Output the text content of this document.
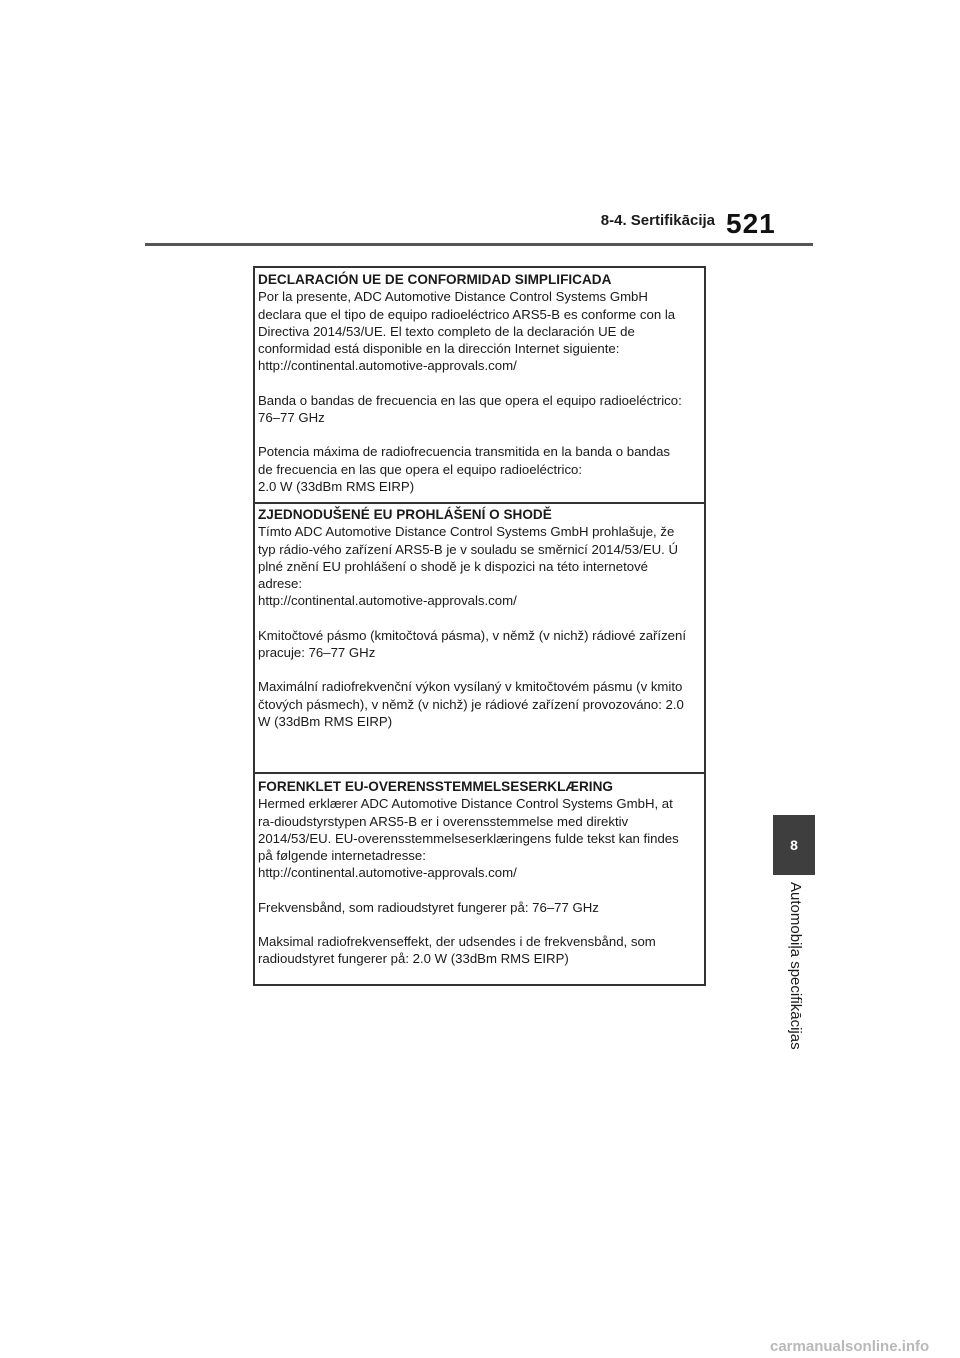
8-4. Sertifikācija 521

DECLARACIÓN UE DE CONFORMIDAD SIMPLIFICADA

Por la presente, ADC Automotive Distance Control Systems GmbH
declara que el tipo de equipo radioeléctrico ARS5-B es conforme con la
Directiva 2014/53/UE. El texto completo de la declaración UE de
conformidad está disponible en la dirección Internet siguiente:
http://continental.automotive-approvals.com/

Banda o bandas de frecuencia en las que opera el equipo radioeléctrico:
76–77 GHz

Potencia máxima de radiofrecuencia transmitida en la banda o bandas
de frecuencia en las que opera el equipo radioeléctrico:
2.0 W (33dBm RMS EIRP)

ZJEDNODUŠENÉ EU PROHLÁŠENÍ O SHODĚ

Tímto ADC Automotive Distance Control Systems GmbH prohlašuje, že
typ rádio-vého zařízení ARS5-B je v souladu se směrnicí 2014/53/EU. Ú
plné znění EU prohlášení o shodě je k dispozici na této internetové
adrese:
http://continental.automotive-approvals.com/

Kmitočtové pásmo (kmitočtová pásma), v němž (v nichž) rádiové zařízení
pracuje: 76–77 GHz

Maximální radiofrekvenční výkon vysílaný v kmitočtovém pásmu (v kmito
čtových pásmech), v němž (v nichž) je rádiové zařízení provozováno: 2.0
W (33dBm RMS EIRP)

FORENKLET EU-OVERENSSTEMMELSESERKLÆRING

Hermed erklærer ADC Automotive Distance Control Systems GmbH, at
ra-dioudstyrstypen ARS5-B er i overensstemmelse med direktiv
2014/53/EU. EU-overensstemmelseserklæringens fulde tekst kan findes
på følgende internetadresse:
http://continental.automotive-approvals.com/

Frekvensbånd, som radioudstyret fungerer på: 76–77 GHz

Maksimal radiofrekvenseffekt, der udsendes i de frekvensbånd, som
radioudstyret fungerer på: 2.0 W (33dBm RMS EIRP)

8
Automobiļa specifikācijas
carmanualsonline.info
